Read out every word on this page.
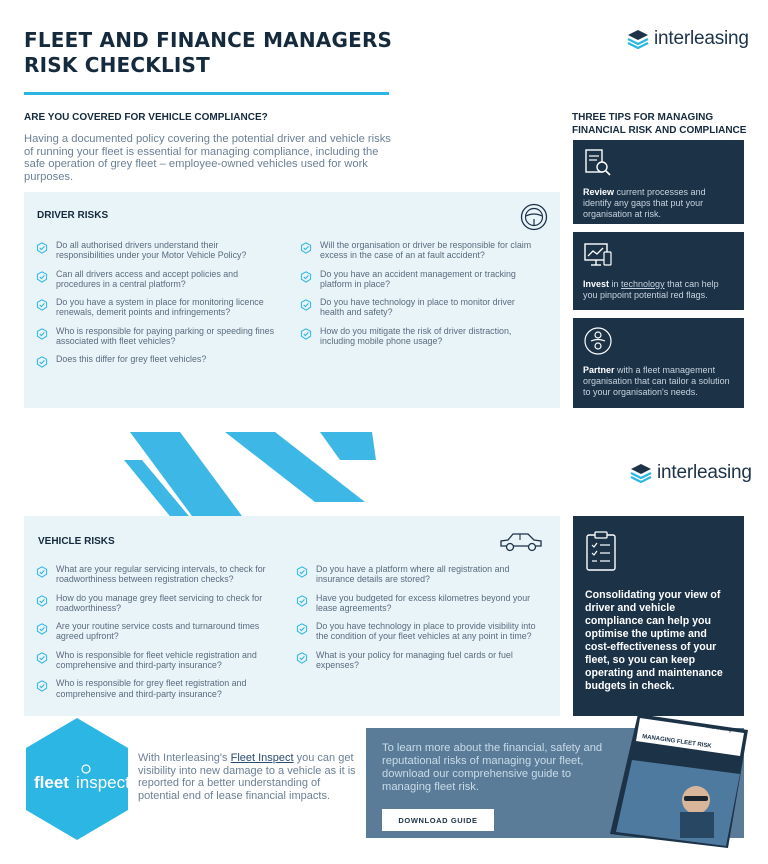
FLEET AND FINANCE MANAGERS
RISK CHECKLIST
interleasing
ARE YOU COVERED FOR VEHICLE COMPLIANCE?
Having a documented policy covering the potential driver and vehicle risks of running your fleet is essential for managing compliance, including the safe operation of grey fleet – employee-owned vehicles used for work purposes.
THREE TIPS FOR MANAGING FINANCIAL RISK AND COMPLIANCE
Review current processes and identify any gaps that put your organisation at risk.
Invest in technology that can help you pinpoint potential red flags.
Partner with a fleet management organisation that can tailor a solution to your organisation's needs.
DRIVER RISKS
Do all authorised drivers understand their responsibilities under your Motor Vehicle Policy?
Can all drivers access and accept policies and procedures in a central platform?
Do you have a system in place for monitoring licence renewals, demerit points and infringements?
Who is responsible for paying parking or speeding fines associated with fleet vehicles?
Does this differ for grey fleet vehicles?
Will the organisation or driver be responsible for claim excess in the case of an at fault accident?
Do you have an accident management or tracking platform in place?
Do you have technology in place to monitor driver health and safety?
How do you mitigate the risk of driver distraction, including mobile phone usage?
interleasing
VEHICLE RISKS
What are your regular servicing intervals, to check for roadworthiness between registration checks?
How do you manage grey fleet servicing to check for roadworthiness?
Are your routine service costs and turnaround times agreed upfront?
Who is responsible for fleet vehicle registration and comprehensive and third-party insurance?
Who is responsible for grey fleet registration and comprehensive and third-party insurance?
Do you have a platform where all registration and insurance details are stored?
Have you budgeted for excess kilometres beyond your lease agreements?
Do you have technology in place to provide visibility into the condition of your fleet vehicles at any point in time?
What is your policy for managing fuel cards or fuel expenses?

Consolidating your view of driver and vehicle compliance can help you optimise the uptime and cost-effectiveness of your fleet, so you can keep operating and maintenance budgets in check.

fleet inspect
With Interleasing's Fleet Inspect you can get visibility into new damage to a vehicle as it is reported for a better understanding of potential end of lease financial impacts.

To learn more about the financial, safety and reputational risks of managing your fleet, download our comprehensive guide to managing fleet risk.

DOWNLOAD GUIDE
MANAGING FLEET RISK
interleasing
